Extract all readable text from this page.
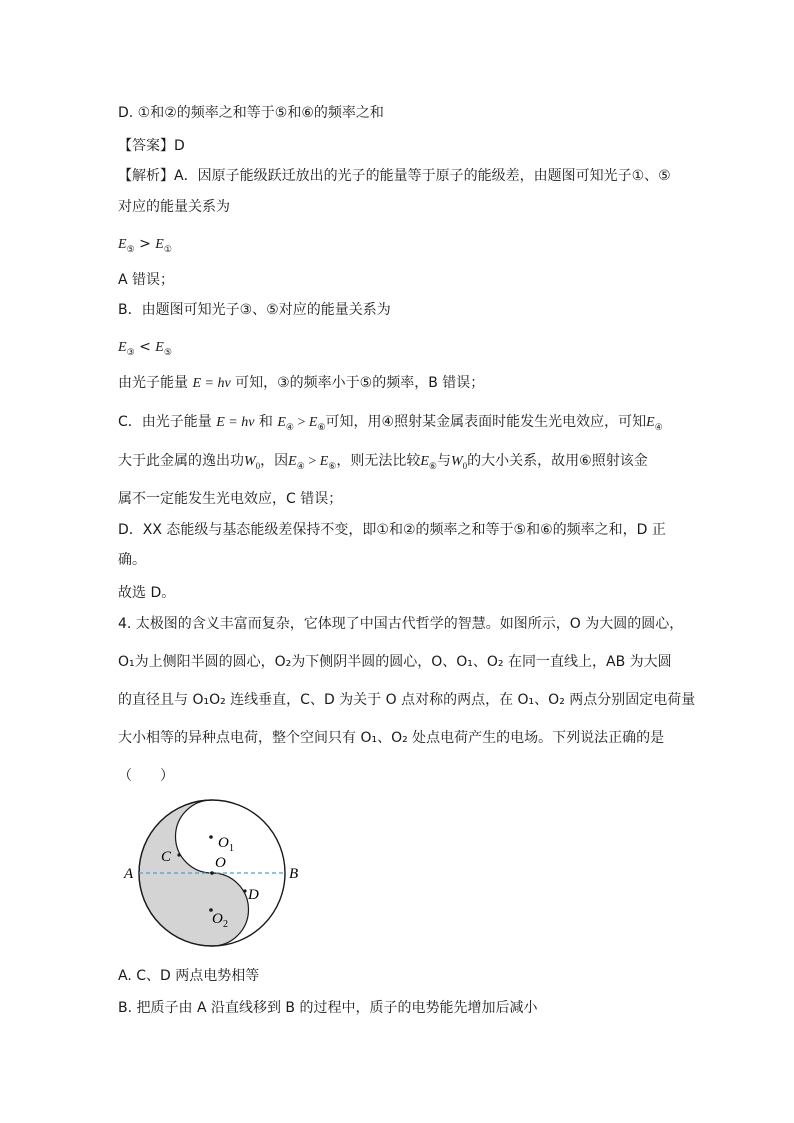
D. ①和②的频率之和等于⑤和⑥的频率之和
【答案】D
【解析】A．因原子能级跃迁放出的光子的能量等于原子的能级差，由题图可知光子①、⑤
对应的能量关系为
$E_⑤ > E_①$
A 错误；
B．由题图可知光子③、⑤对应的能量关系为
$E_③ < E_⑤$
由光子能量 E = hν 可知，③的频率小于⑤的频率，B 错误；
C．由光子能量 E = hν 和 $E_④ > E_⑥$可知，用④照射某金属表面时能发生光电效应，可知$E_④$
大于此金属的逸出功$W_0$，因$E_④ > E_⑥$，则无法比较$E_⑥$与$W_0$的大小关系，故用⑥照射该金
属不一定能发生光电效应，C 错误；
D．XX 态能级与基态能级差保持不变，即①和②的频率之和等于⑤和⑥的频率之和，D 正
确。
故选 D。
4. 太极图的含义丰富而复杂，它体现了中国古代哲学的智慧。如图所示，O 为大圆的圆心，
O₁为上侧阳半圆的圆心，O₂为下侧阴半圆的圆心，O、O₁、O₂ 在同一直线上，AB 为大圆
的直径且与 O₁O₂ 连线垂直，C、D 为关于 O 点对称的两点，在 O₁、O₂ 两点分别固定电荷量
大小相等的异种点电荷，整个空间只有 O₁、O₂ 处点电荷产生的电场。下列说法正确的是
（　　）
A	B
C
D
O
O 1
O 2
A. C、D 两点电势相等
B. 把质子由 A 沿直线移到 B 的过程中，质子的电势能先增加后减小
